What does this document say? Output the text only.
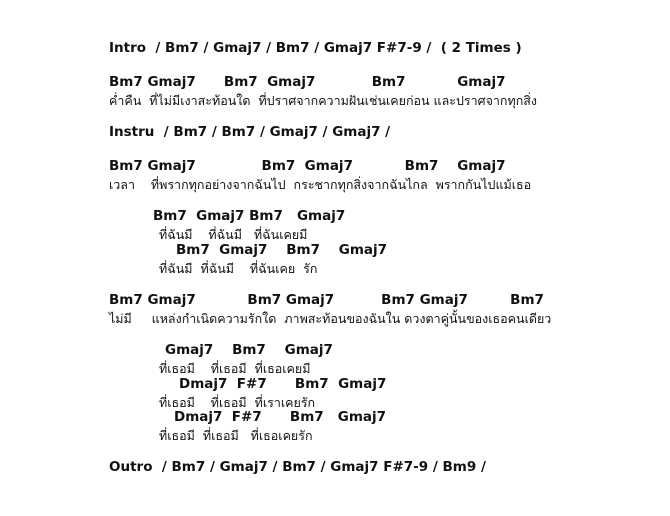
Intro  / Bm7 / Gmaj7 / Bm7 / Gmaj7 F#7-9 /  ( 2 Times )
Bm7 Gmaj7      Bm7  Gmaj7            Bm7           Gmaj7
ค่ำคืน  ที่ไม่มีเงาสะท้อนใด  ที่ปราศจากความฝันเช่นเคยก่อน และปราศจากทุกสิ่ง
Instru  / Bm7 / Bm7 / Gmaj7 / Gmaj7 /
Bm7 Gmaj7              Bm7  Gmaj7           Bm7    Gmaj7
เวลา    ที่พรากทุกอย่างจากฉันไป  กระชากทุกสิ่งจากฉันไกล  พรากกันไปแม้เธอ
Bm7  Gmaj7 Bm7   Gmaj7
ที่ฉันมี    ที่ฉันมี   ที่ฉันเคยมี
Bm7  Gmaj7    Bm7    Gmaj7
ที่ฉันมี  ที่ฉันมี    ที่ฉันเคย  รัก
Bm7 Gmaj7           Bm7 Gmaj7          Bm7 Gmaj7         Bm7
ไม่มี     แหล่งกำเนิดความรักใด  ภาพสะท้อนของฉันใน ดวงตาคู่นั้นของเธอคนเดียว
Gmaj7    Bm7    Gmaj7
ที่เธอมี    ที่เธอมี  ที่เธอเคยมี
Dmaj7  F#7      Bm7  Gmaj7
ที่เธอมี    ที่เธอมี  ที่เราเคยรัก
Dmaj7  F#7      Bm7   Gmaj7
ที่เธอมี  ที่เธอมี   ที่เธอเคยรัก
Outro  / Bm7 / Gmaj7 / Bm7 / Gmaj7 F#7-9 / Bm9 /
